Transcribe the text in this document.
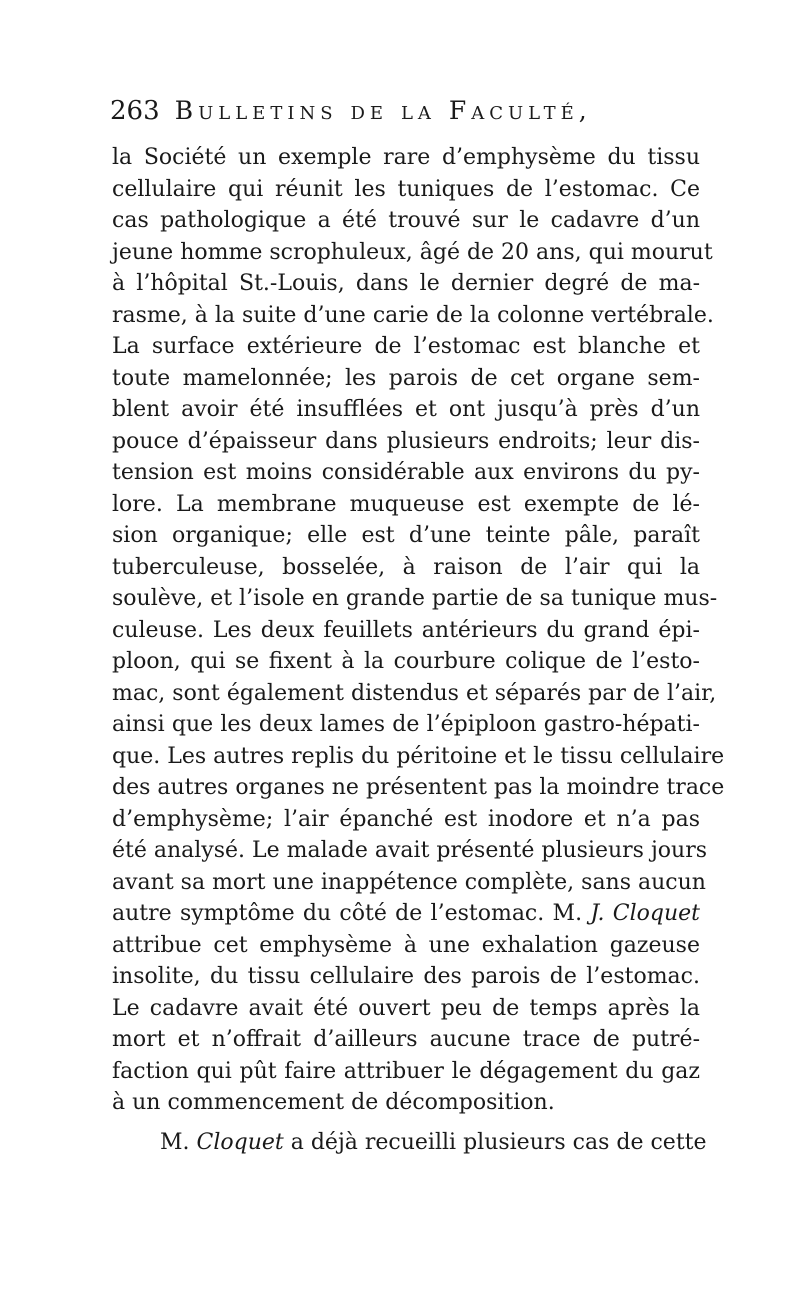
263 Bulletins de la Faculté,
la Société un exemple rare d’emphysème du tissu
cellulaire qui réunit les tuniques de l’estomac. Ce
cas pathologique a été trouvé sur le cadavre d’un
jeune homme scrophuleux, âgé de 20 ans, qui mourut
à l’hôpital St.-Louis, dans le dernier degré de ma-
rasme, à la suite d’une carie de la colonne vertébrale.
La surface extérieure de l’estomac est blanche et
toute mamelonnée; les parois de cet organe sem-
blent avoir été insufflées et ont jusqu’à près d’un
pouce d’épaisseur dans plusieurs endroits; leur dis-
tension est moins considérable aux environs du py-
lore. La membrane muqueuse est exempte de lé-
sion organique; elle est d’une teinte pâle, paraît
tuberculeuse, bosselée, à raison de l’air qui la
soulève, et l’isole en grande partie de sa tunique mus-
culeuse. Les deux feuillets antérieurs du grand épi-
ploon, qui se fixent à la courbure colique de l’esto-
mac, sont également distendus et séparés par de l’air,
ainsi que les deux lames de l’épiploon gastro-hépati-
que. Les autres replis du péritoine et le tissu cellulaire
des autres organes ne présentent pas la moindre trace
d’emphysème; l’air épanché est inodore et n’a pas
été analysé. Le malade avait présenté plusieurs jours
avant sa mort une inappétence complète, sans aucun
autre symptôme du côté de l’estomac. M. J. Cloquet
attribue cet emphysème à une exhalation gazeuse
insolite, du tissu cellulaire des parois de l’estomac.
Le cadavre avait été ouvert peu de temps après la
mort et n’offrait d’ailleurs aucune trace de putré-
faction qui pût faire attribuer le dégagement du gaz
à un commencement de décomposition.
M. Cloquet a déjà recueilli plusieurs cas de cette
